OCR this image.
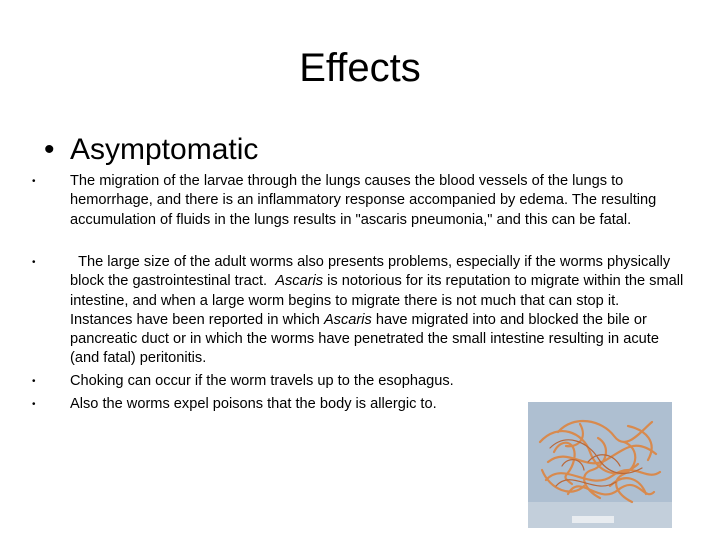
Effects
• Asymptomatic
• The migration of the larvae through the lungs causes the blood vessels of the lungs to hemorrhage, and there is an inflammatory response accompanied by edema. The resulting accumulation of fluids in the lungs results in "ascaris pneumonia," and this can be fatal.
• The large size of the adult worms also presents problems, especially if the worms physically block the gastrointestinal tract.  Ascaris is notorious for its reputation to migrate within the small intestine, and when a large worm begins to migrate there is not much that can stop it.  Instances have been reported in which Ascaris have migrated into and blocked the bile or pancreatic duct or in which the worms have penetrated the small intestine resulting in acute (and fatal) peritonitis.
• Choking can occur if the worm travels up to the esophagus.
• Also the worms expel poisons that the body is allergic to.
